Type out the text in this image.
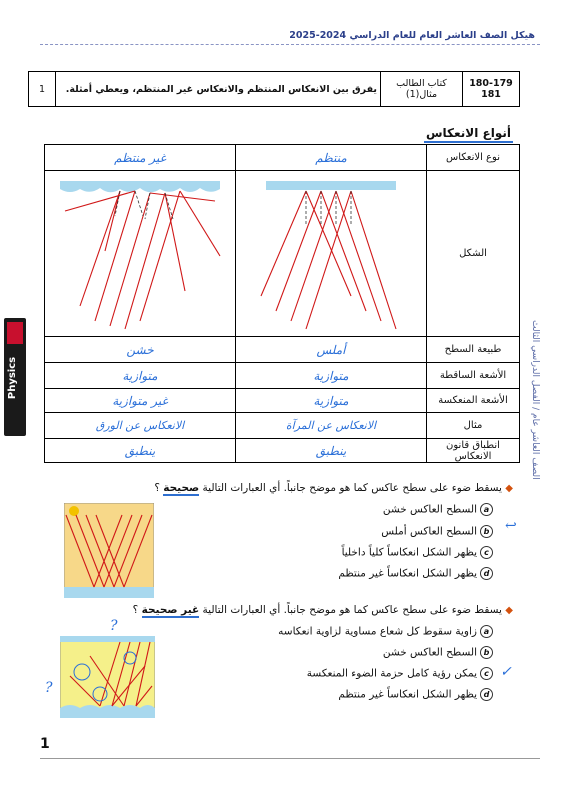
هيكل الصف العاشر العام للعام الدراسي 2024-2025
180-179
181	كتاب الطالب
مثال(1)	يفرق بين الانعكاس المنتظم والانعكاس غير المنتظم، ويعطي أمثلة.	1
أنواع الانعكاس
الصف العاشر عام / الفصل الدراسي الثالث
Physics
نوع الانعكاس	منتظم	غير منتظم
الشكل		
طبيعة السطح	أملس	خشن
الأشعة الساقطة	متوازية	متوازية
الأشعة المنعكسة	متوازية	غير متوازية
مثال	الانعكاس عن المرآة	الانعكاس عن الورق
انطباق قانون الانعكاس	ينطبق	ينطبق
◆ يسقط ضوء على سطح عاكس كما هو موضح جانباً. أي العبارات التالية صحيحة ؟
aالسطح العاكس خشن
bالسطح العاكس أملس
cيظهر الشكل انعكاساً كلياً داخلياً
dيظهر الشكل انعكاساً غير منتظم
↩
◆ يسقط ضوء على سطح عاكس كما هو موضح جانباً. أي العبارات التالية غير صحيحة ؟
aزاوية سقوط كل شعاع مساوية لزاوية انعكاسه
bالسطح العاكس خشن
cيمكن رؤية كامل حزمة الضوء المنعكسة
dيظهر الشكل انعكاساً غير منتظم
✓
?
?
1
